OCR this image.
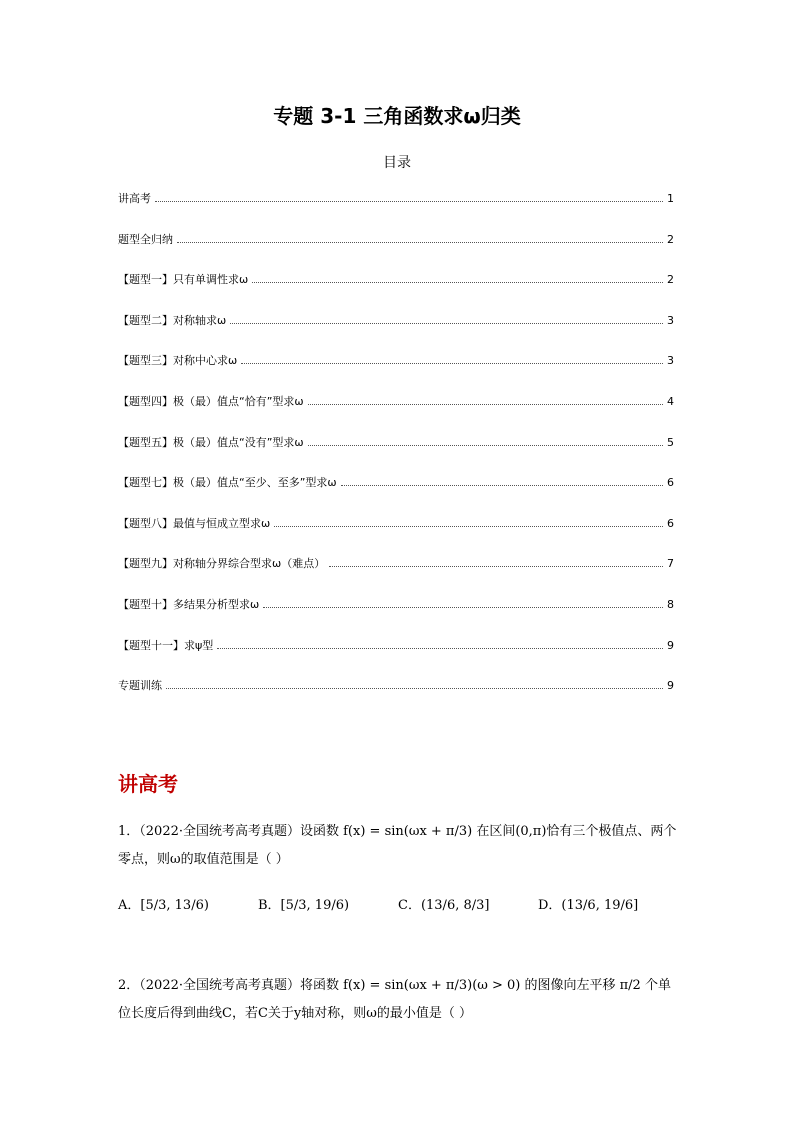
专题 3-1 三角函数求ω归类
目录
讲高考	1
题型全归纳	2
【题型一】只有单调性求ω	2
【题型二】对称轴求ω	3
【题型三】对称中心求ω	3
【题型四】极（最）值点“恰有”型求ω	4
【题型五】极（最）值点“没有”型求ω	5
【题型七】极（最）值点“至少、至多”型求ω	6
【题型八】最值与恒成立型求ω	6
【题型九】对称轴分界综合型求ω（难点）	7
【题型十】多结果分析型求ω	8
【题型十一】求ψ型	9
专题训练	9
讲高考
1．（2022·全国统考高考真题）设函数 f(x) = sin(ωx + π/3) 在区间(0,π)恰有三个极值点、两个零点，则ω的取值范围是（ ）
A．[5/3, 13/6)	B．[5/3, 19/6)	C．(13/6, 8/3]	D．(13/6, 19/6]
2．（2022·全国统考高考真题）将函数 f(x) = sin(ωx + π/3)(ω > 0) 的图像向左平移 π/2 个单位长度后得到曲线C，若C关于y轴对称，则ω的最小值是（ ）
